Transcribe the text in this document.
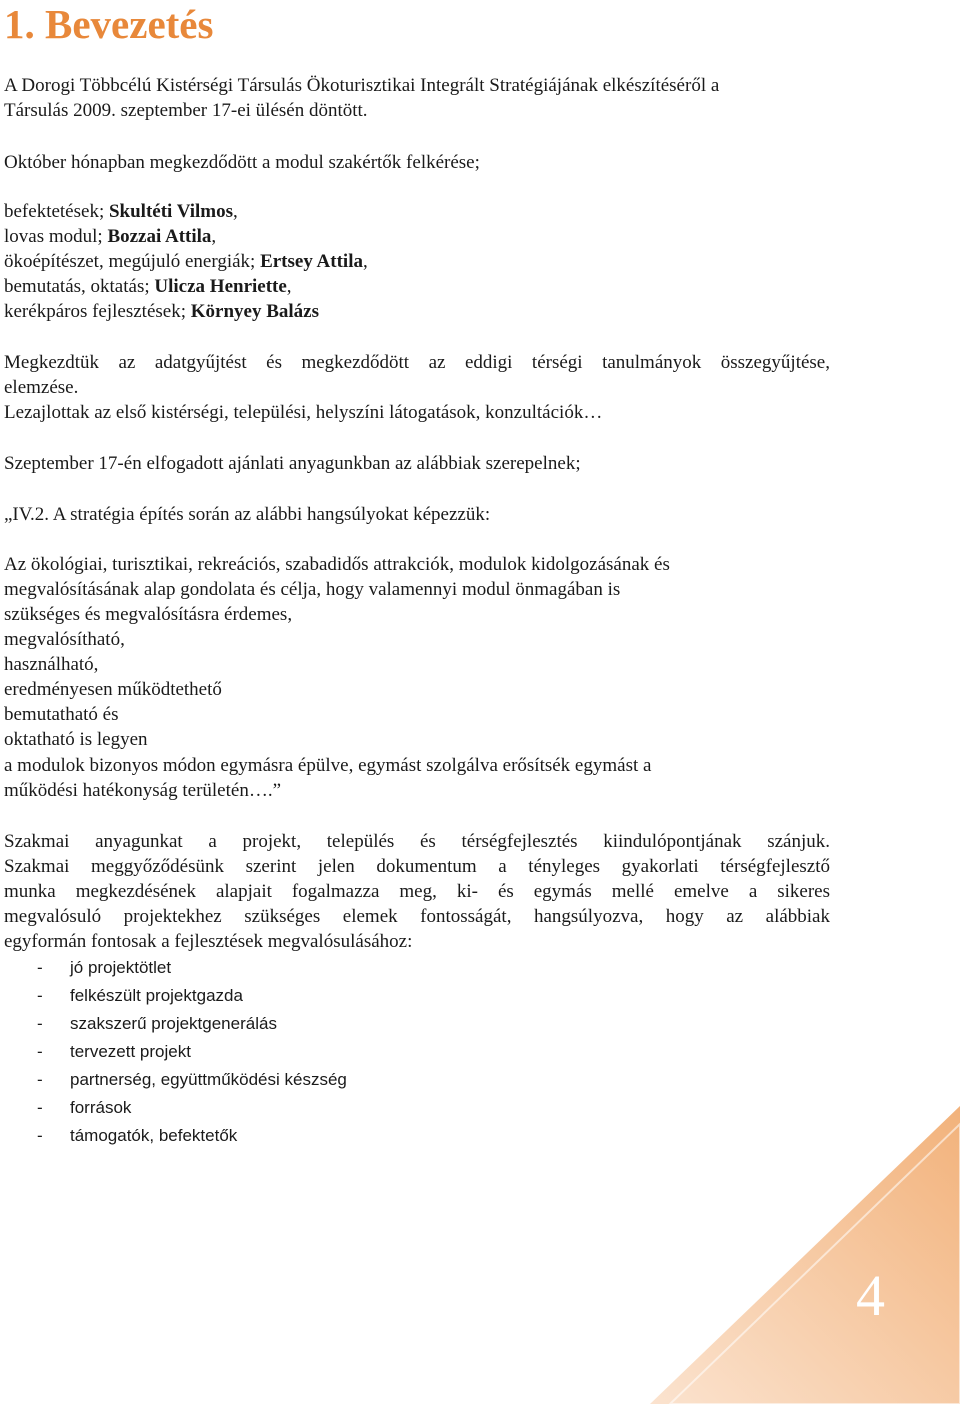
1. Bevezetés
A Dorogi Többcélú Kistérségi Társulás Ökoturisztikai Integrált Stratégiájának elkészítéséről a
Társulás 2009. szeptember 17-ei ülésén döntött.
Október hónapban megkezdődött a modul szakértők felkérése;
befektetések; Skultéti Vilmos,
lovas modul; Bozzai Attila,
ökoépítészet, megújuló energiák; Ertsey Attila,
bemutatás, oktatás; Ulicza Henriette,
kerékpáros fejlesztések; Környey Balázs
Megkezdtük az adatgyűjtést és megkezdődött az eddigi térségi tanulmányok összegyűjtése,
elemzése.
Lezajlottak az első kistérségi, települési, helyszíni látogatások, konzultációk…
Szeptember 17-én elfogadott ajánlati anyagunkban az alábbiak szerepelnek;
„IV.2. A stratégia építés során az alábbi hangsúlyokat képezzük:
Az ökológiai, turisztikai, rekreációs, szabadidős attrakciók, modulok kidolgozásának és
megvalósításának alap gondolata és célja, hogy valamennyi modul önmagában is
szükséges és megvalósításra érdemes,
megvalósítható,
használható,
eredményesen működtethető
bemutatható és
oktatható is legyen
a modulok bizonyos módon egymásra épülve, egymást szolgálva erősítsék egymást a
működési hatékonyság területén….”
Szakmai anyagunkat a projekt, település és térségfejlesztés kiindulópontjának szánjuk.
Szakmai meggyőződésünk szerint jelen dokumentum a tényleges gyakorlati térségfejlesztő
munka megkezdésének alapjait fogalmazza meg, ki- és egymás mellé emelve a sikeres
megvalósuló projektekhez szükséges elemek fontosságát, hangsúlyozva, hogy az alábbiak
egyformán fontosak a fejlesztések megvalósulásához:
- jó projektötlet
- felkészült projektgazda
- szakszerű projektgenerálás
- tervezett projekt
- partnerség, együttműködési készség
- források
- támogatók, befektetők
4
